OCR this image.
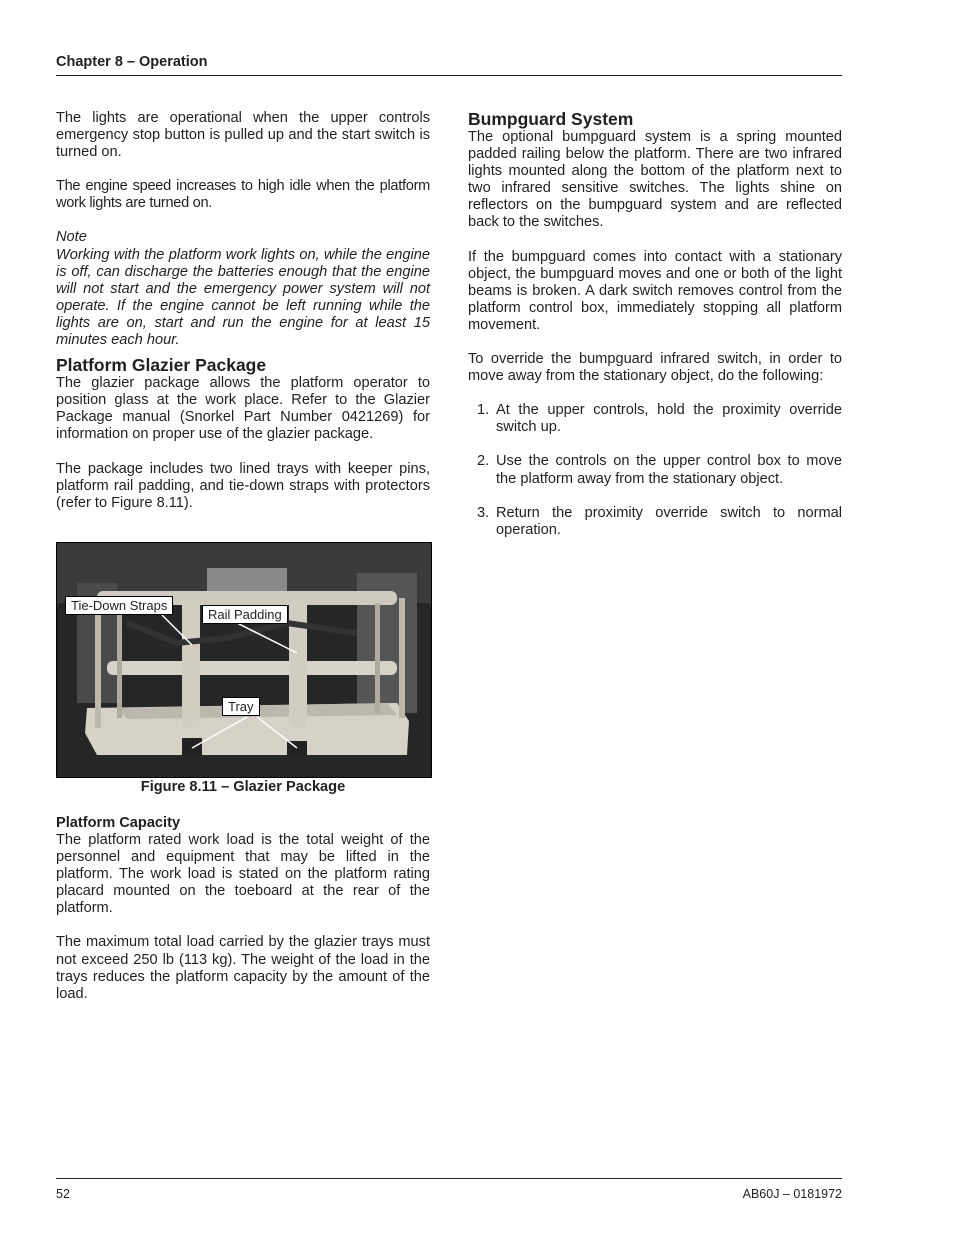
Chapter 8 – Operation

The lights are operational when the upper controls emergency stop button is pulled up and the start switch is turned on.

The engine speed increases to high idle when the platform work lights are turned on.

Note

Working with the platform work lights on, while the engine is off, can discharge the batteries enough that the engine will not start and the emergency power system will not operate. If the engine cannot be left running while the lights are on, start and run the engine for at least 15 minutes each hour.

Platform Glazier Package

The glazier package allows the platform operator to position glass at the work place. Refer to the Glazier Package manual (Snorkel Part Number 0421269) for information on proper use of the glazier package.

The package includes two lined trays with keeper pins, platform rail padding, and tie-down straps with protectors (refer to Figure 8.11).

Tie-Down Straps
Rail Padding
Tray
Figure 8.11 – Glazier Package
Platform Capacity

The platform rated work load is the total weight of the personnel and equipment that may be lifted in the platform. The work load is stated on the platform rating placard mounted on the toeboard at the rear of the platform.

The maximum total load carried by the glazier trays must not exceed 250 lb (113 kg). The weight of the load in the trays reduces the platform capacity by the amount of the load.

Bumpguard System

The optional bumpguard system is a spring mounted padded railing below the platform. There are two infrared lights mounted along the bottom of the platform next to two infrared sensitive switches. The lights shine on reflectors on the bumpguard system and are reflected back to the switches.

If the bumpguard comes into contact with a stationary object, the bumpguard moves and one or both of the light beams is broken. A dark switch removes control from the platform control box, immediately stopping all platform movement.

To override the bumpguard infrared switch, in order to move away from the stationary object, do the following:

1. At the upper controls, hold the proximity override switch up.
2. Use the controls on the upper control box to move the platform away from the stationary object.
3. Return the proximity override switch to normal operation.
52	AB60J – 0181972
